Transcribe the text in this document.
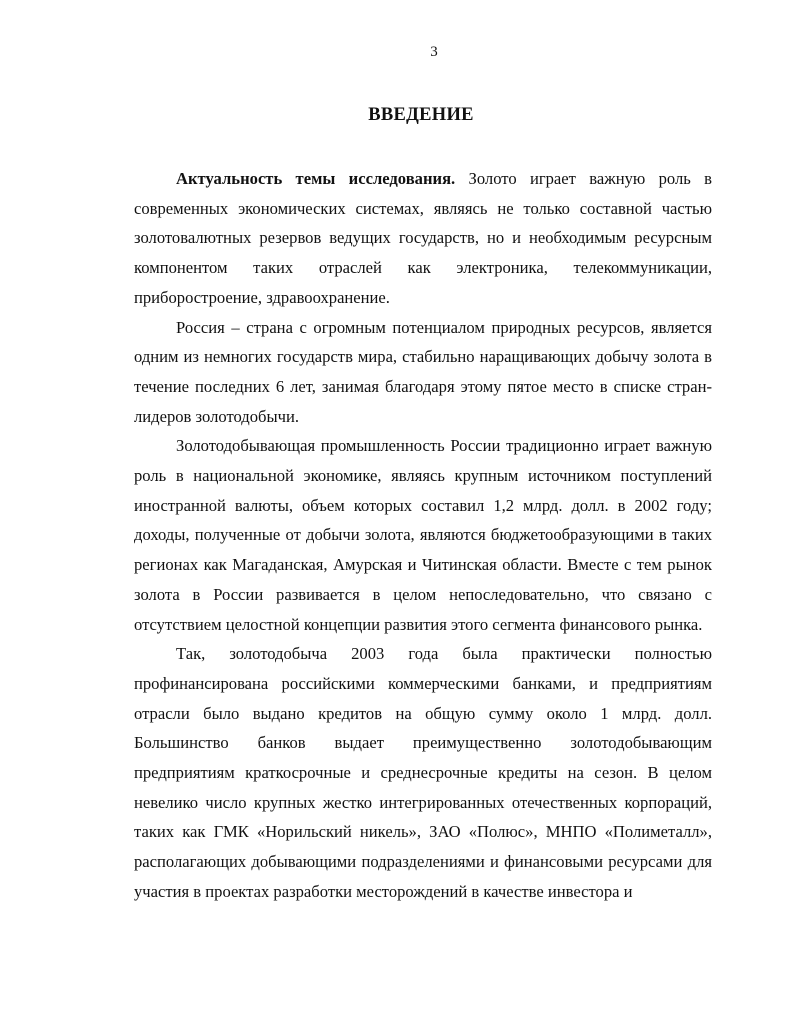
3
ВВЕДЕНИЕ

Актуальность темы исследования. Золото играет важную роль в современных экономических системах, являясь не только составной частью золотовалютных резервов ведущих государств, но и необходимым ресурсным компонентом таких отраслей как электроника, телекоммуникации, приборостроение, здравоохранение.

Россия – страна с огромным потенциалом природных ресурсов, является одним из немногих государств мира, стабильно наращивающих добычу золота в течение последних 6 лет, занимая благодаря этому пятое место в списке стран-лидеров золотодобычи.

Золотодобывающая промышленность России традиционно играет важную роль в национальной экономике, являясь крупным источником поступлений иностранной валюты, объем которых составил 1,2 млрд. долл. в 2002 году; доходы, полученные от добычи золота, являются бюджетообразующими в таких регионах как Магаданская, Амурская и Читинская области. Вместе с тем рынок золота в России развивается в целом непоследовательно, что связано с отсутствием целостной концепции развития этого сегмента финансового рынка.

Так, золотодобыча 2003 года была практически полностью профинансирована российскими коммерческими банками, и предприятиям отрасли было выдано кредитов на общую сумму около 1 млрд. долл. Большинство банков выдает преимущественно золотодобывающим предприятиям краткосрочные и среднесрочные кредиты на сезон. В целом невелико число крупных жестко интегрированных отечественных корпораций, таких как ГМК «Норильский никель», ЗАО «Полюс», МНПО «Полиметалл», располагающих добывающими подразделениями и финансовыми ресурсами для участия в проектах разработки месторождений в качестве инвестора и
